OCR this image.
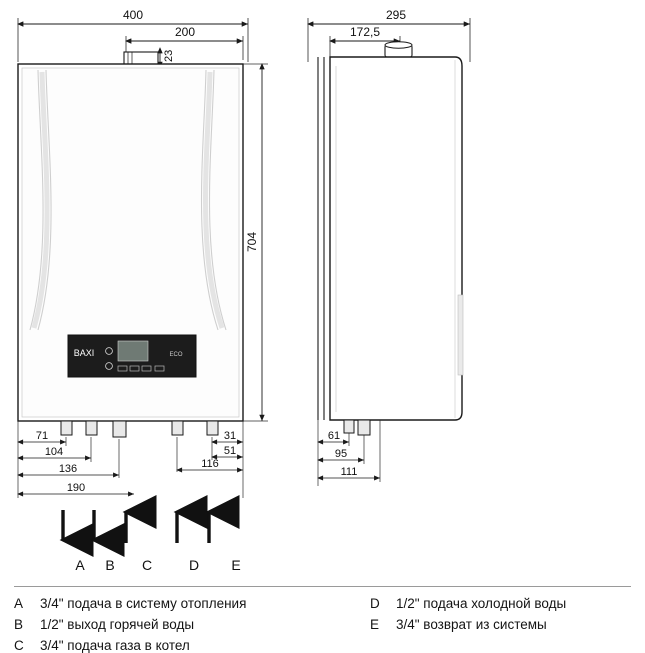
400
200
23
BAXI	ECO
71
104
136
190
31
51
116
704
295
172,5
61
95
111
A B C	D E
A	3/4" подача в систему отопления	D	1/2" подача холодной воды
B	1/2" выход горячей воды	E	3/4" возврат из системы
C	3/4" подача газа в котел
